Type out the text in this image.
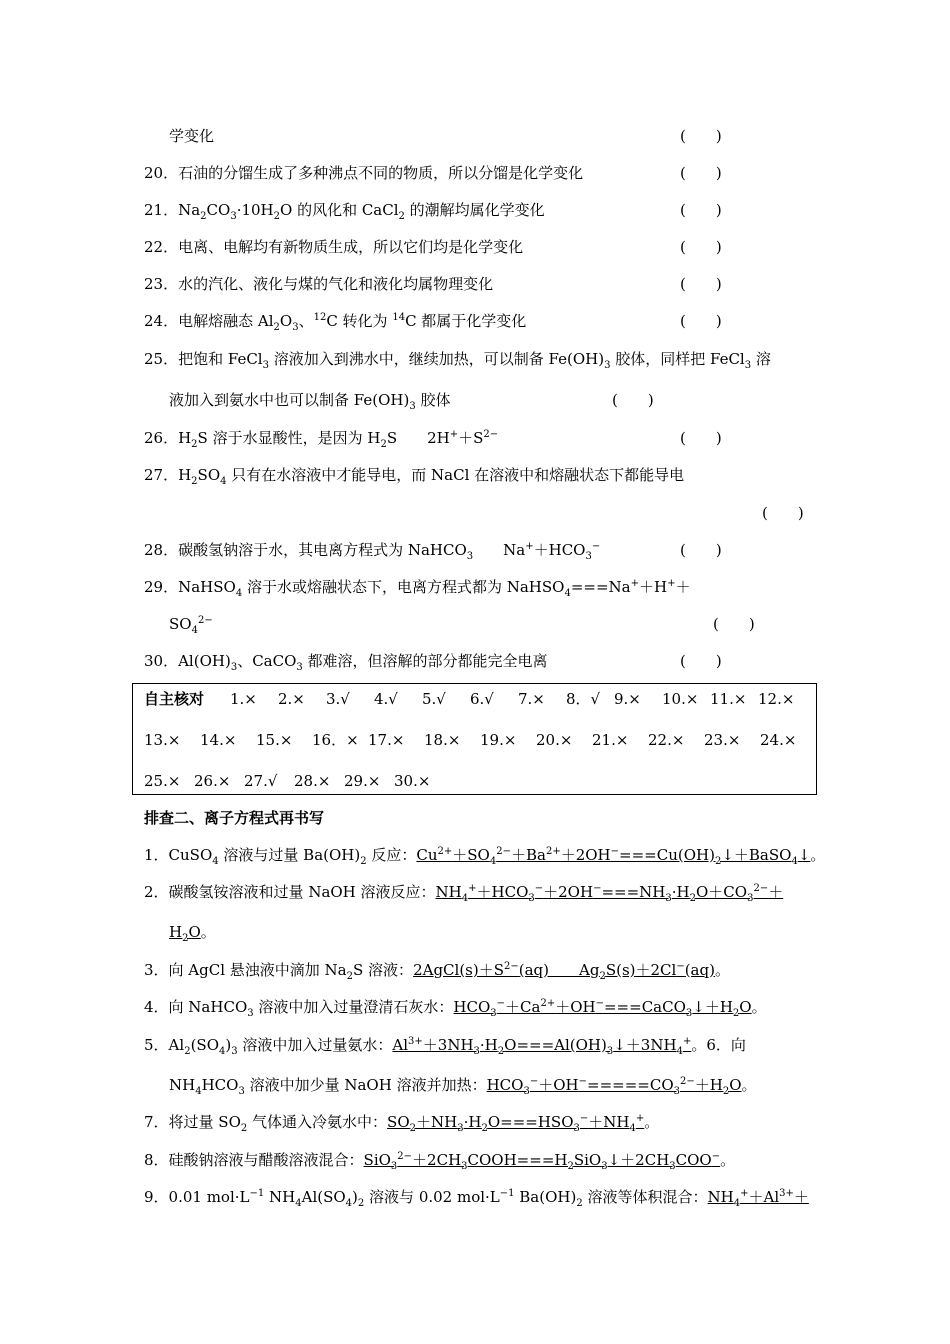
学变化	(　　)
20．石油的分馏生成了多种沸点不同的物质，所以分馏是化学变化	(　　)
21．$Na_2CO_3\cdot 10H_2O$ 的风化和 CaCl$_2$ 的潮解均属化学变化	(　　)
22．电离、电解均有新物质生成，所以它们均是化学变化	(　　)
23．水的汽化、液化与煤的气化和液化均属物理变化	(　　)
24．电解熔融态 $Al_2O_3$、$^{12}$C 转化为 $^{14}$C 都属于化学变化	(　　)
25．把饱和 FeCl$_3$ 溶液加入到沸水中，继续加热，可以制备 $Fe(OH)_3$ 胶体，同样把 FeCl$_3$ 溶
液加入到氨水中也可以制备 $Fe(OH)_3$ 胶体	(　　)
26．$H_2S$ 溶于水显酸性，是因为 $H_2S$　　$2H^++S^{2-}$	(　　)
27．$H_2SO_4$ 只有在水溶液中才能导电，而 NaCl 在溶液中和熔融状态下都能导电
(　　)
28．碳酸氢钠溶于水，其电离方程式为 NaHCO$_3$　　$Na^++HCO_3^-$	(　　)
29．NaHSO$_4$ 溶于水或熔融状态下，电离方程式都为 NaHSO$_4$===Na+＋H+＋
$SO_4^{2-}$	(　　)
30．$Al(OH)_3$、CaCO$_3$ 都难溶，但溶解的部分都能完全电离	(　　)
自主核对 1.× 2.× 3.√ 4.√ 5.√ 6.√ 7.× 8．√ 9.× 10.× 11.× 12.×
13.× 14.× 15.× 16．× 17.× 18.× 19.× 20.× 21.× 22.× 23.× 24.×
25.× 26.× 27.√ 28.× 29.× 30.×
排查二、离子方程式再书写
1．CuSO$_4$ 溶液与过量 $Ba(OH)_2$ 反应：$Cu^{2+}+SO_4^{2-}+Ba^{2+}+2OH^-===Cu(OH)_2↓+BaSO_4↓$。
2．碳酸氢铵溶液和过量 NaOH 溶液反应：$NH_4^++HCO_3^-+2OH^-===NH_3\cdot H_2O+CO_3^{2-}+$
$H_2O$。
3．向 AgCl 悬浊液中滴加 $Na_2S$ 溶液：$2AgCl(s)+S^{2-}(aq)$　　$Ag_2S(s)+2Cl^-(aq)$。
4．向 NaHCO$_3$ 溶液中加入过量澄清石灰水：$HCO_3^-+Ca^{2+}+OH^-===CaCO_3↓+H_2O$。
5．$Al_2(SO_4)_3$ 溶液中加入过量氨水：$Al^{3+}+3NH_3\cdot H_2O===Al(OH)_3↓+3NH_4^+$。6．向
$NH_4HCO_3$ 溶液中加少量 NaOH 溶液并加热：$HCO_3^-+OH^-=====CO_3^{2-}+H_2O$。
7．将过量 $SO_2$ 气体通入冷氨水中：$SO_2+NH_3\cdot H_2O===HSO_3^-+NH_4^+$。
8．硅酸钠溶液与醋酸溶液混合：$SiO_3^{2-}+2CH_3COOH===H_2SiO_3↓+2CH_3COO^-$。
9．0.01 $mol\cdot L^{-1}$ $NH_4Al(SO_4)_2$ 溶液与 0.02 $mol\cdot L^{-1}$ $Ba(OH)_2$ 溶液等体积混合：$NH_4^++Al^{3+}+$
